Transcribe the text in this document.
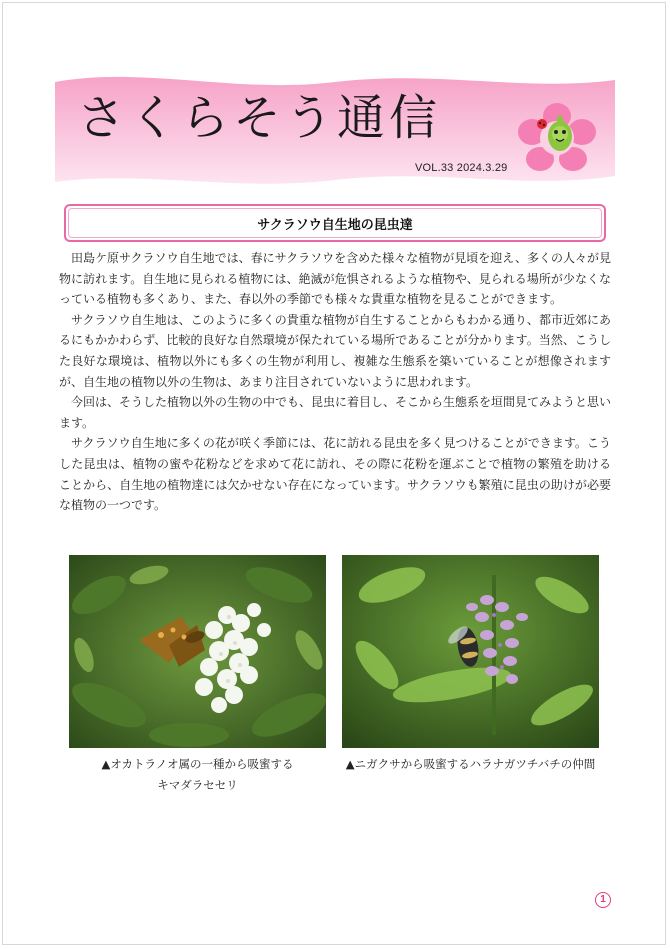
さくらそう通信
VOL.33 2024.3.29
サクラソウ自生地の昆虫達

田島ケ原サクラソウ自生地では、春にサクラソウを含めた様々な植物が見頃を迎え、多くの人々が見物に訪れます。自生地に見られる植物には、絶滅が危惧されるような植物や、見られる場所が少なくなっている植物も多くあり、また、春以外の季節でも様々な貴重な植物を見ることができます。

サクラソウ自生地は、このように多くの貴重な植物が自生することからもわかる通り、都市近郊にあるにもかかわらず、比較的良好な自然環境が保たれている場所であることが分かります。当然、こうした良好な環境は、植物以外にも多くの生物が利用し、複雑な生態系を築いていることが想像されますが、自生地の植物以外の生物は、あまり注目されていないように思われます。

今回は、そうした植物以外の生物の中でも、昆虫に着目し、そこから生態系を垣間見てみようと思います。

サクラソウ自生地に多くの花が咲く季節には、花に訪れる昆虫を多く見つけることができます。こうした昆虫は、植物の蜜や花粉などを求めて花に訪れ、その際に花粉を運ぶことで植物の繁殖を助けることから、自生地の植物達には欠かせない存在になっています。サクラソウも繁殖に昆虫の助けが必要な植物の一つです。

▲オカトラノオ属の一種から吸蜜する
キマダラセセリ
▲ニガクサから吸蜜するハラナガツチバチの仲間
1
